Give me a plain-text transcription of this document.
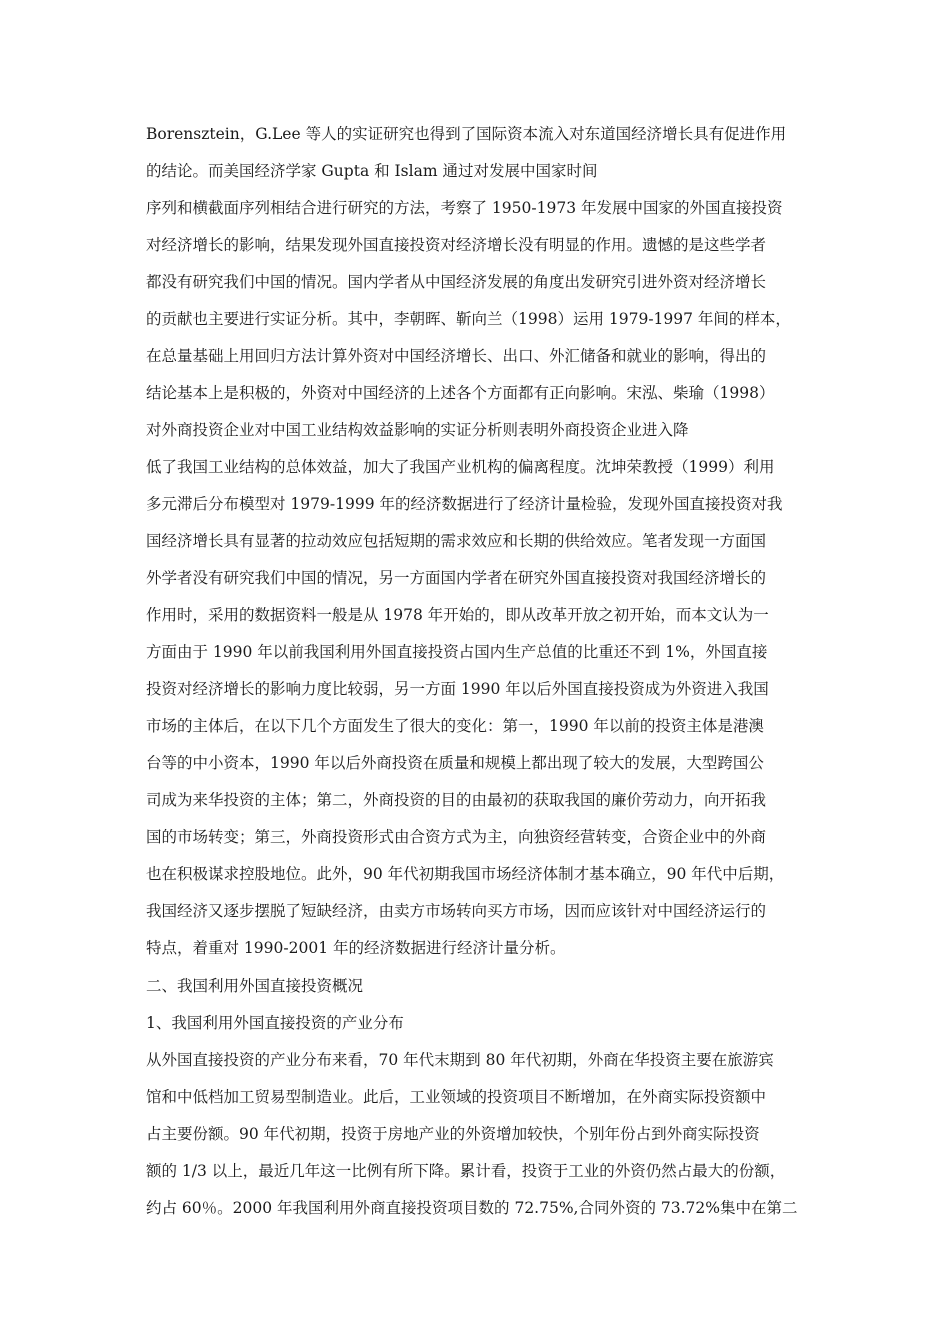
Borensztein，G.Lee 等人的实证研究也得到了国际资本流入对东道国经济增长具有促进作用
的结论。而美国经济学家 Gupta 和 Islam 通过对发展中国家时间
序列和横截面序列相结合进行研究的方法，考察了 1950-1973 年发展中国家的外国直接投资
对经济增长的影响，结果发现外国直接投资对经济增长没有明显的作用。遗憾的是这些学者
都没有研究我们中国的情况。国内学者从中国经济发展的角度出发研究引进外资对经济增长
的贡献也主要进行实证分析。其中，李朝晖、靳向兰（1998）运用 1979-1997 年间的样本，
在总量基础上用回归方法计算外资对中国经济增长、出口、外汇储备和就业的影响，得出的
结论基本上是积极的，外资对中国经济的上述各个方面都有正向影响。宋泓、柴瑜（1998）
对外商投资企业对中国工业结构效益影响的实证分析则表明外商投资企业进入降
低了我国工业结构的总体效益，加大了我国产业机构的偏离程度。沈坤荣教授（1999）利用
多元滞后分布模型对 1979-1999 年的经济数据进行了经济计量检验，发现外国直接投资对我
国经济增长具有显著的拉动效应包括短期的需求效应和长期的供给效应。笔者发现一方面国
外学者没有研究我们中国的情况，另一方面国内学者在研究外国直接投资对我国经济增长的
作用时，采用的数据资料一般是从 1978 年开始的，即从改革开放之初开始，而本文认为一
方面由于 1990 年以前我国利用外国直接投资占国内生产总值的比重还不到 1%，外国直接
投资对经济增长的影响力度比较弱，另一方面 1990 年以后外国直接投资成为外资进入我国
市场的主体后，在以下几个方面发生了很大的变化：第一，1990 年以前的投资主体是港澳
台等的中小资本，1990 年以后外商投资在质量和规模上都出现了较大的发展，大型跨国公
司成为来华投资的主体；第二，外商投资的目的由最初的获取我国的廉价劳动力，向开拓我
国的市场转变；第三，外商投资形式由合资方式为主，向独资经营转变，合资企业中的外商
也在积极谋求控股地位。此外，90 年代初期我国市场经济体制才基本确立，90 年代中后期，
我国经济又逐步摆脱了短缺经济，由卖方市场转向买方市场，因而应该针对中国经济运行的
特点，着重对 1990-2001 年的经济数据进行经济计量分析。
二、我国利用外国直接投资概况
1、我国利用外国直接投资的产业分布
从外国直接投资的产业分布来看，70 年代末期到 80 年代初期，外商在华投资主要在旅游宾
馆和中低档加工贸易型制造业。此后，工业领域的投资项目不断增加，在外商实际投资额中
占主要份额。90 年代初期，投资于房地产业的外资增加较快，个别年份占到外商实际投资
额的 1/3 以上，最近几年这一比例有所下降。累计看，投资于工业的外资仍然占最大的份额，
约占 60％。2000 年我国利用外商直接投资项目数的 72.75%,合同外资的 73.72%集中在第二
